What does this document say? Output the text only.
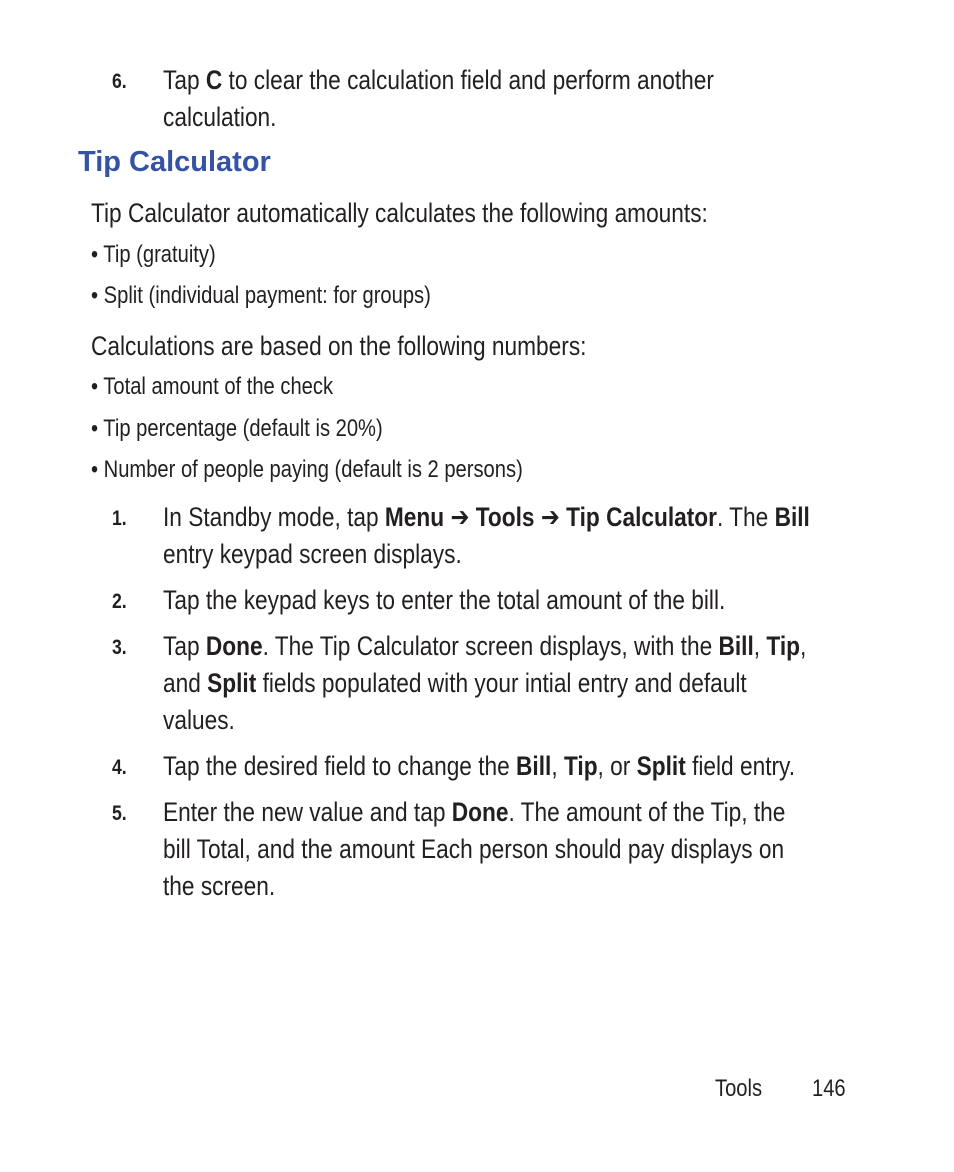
6. Tap C to clear the calculation field and perform another
calculation.
Tip Calculator
Tip Calculator automatically calculates the following amounts:
• Tip (gratuity)
• Split (individual payment: for groups)
Calculations are based on the following numbers:
• Total amount of the check
• Tip percentage (default is 20%)
• Number of people paying (default is 2 persons)
1. In Standby mode, tap Menu ➔ Tools ➔ Tip Calculator. The Bill
entry keypad screen displays.
2. Tap the keypad keys to enter the total amount of the bill.
3. Tap Done. The Tip Calculator screen displays, with the Bill, Tip,
and Split fields populated with your intial entry and default
values.
4. Tap the desired field to change the Bill, Tip, or Split field entry.
5. Enter the new value and tap Done. The amount of the Tip, the
bill Total, and the amount Each person should pay displays on
the screen.
Tools	146
